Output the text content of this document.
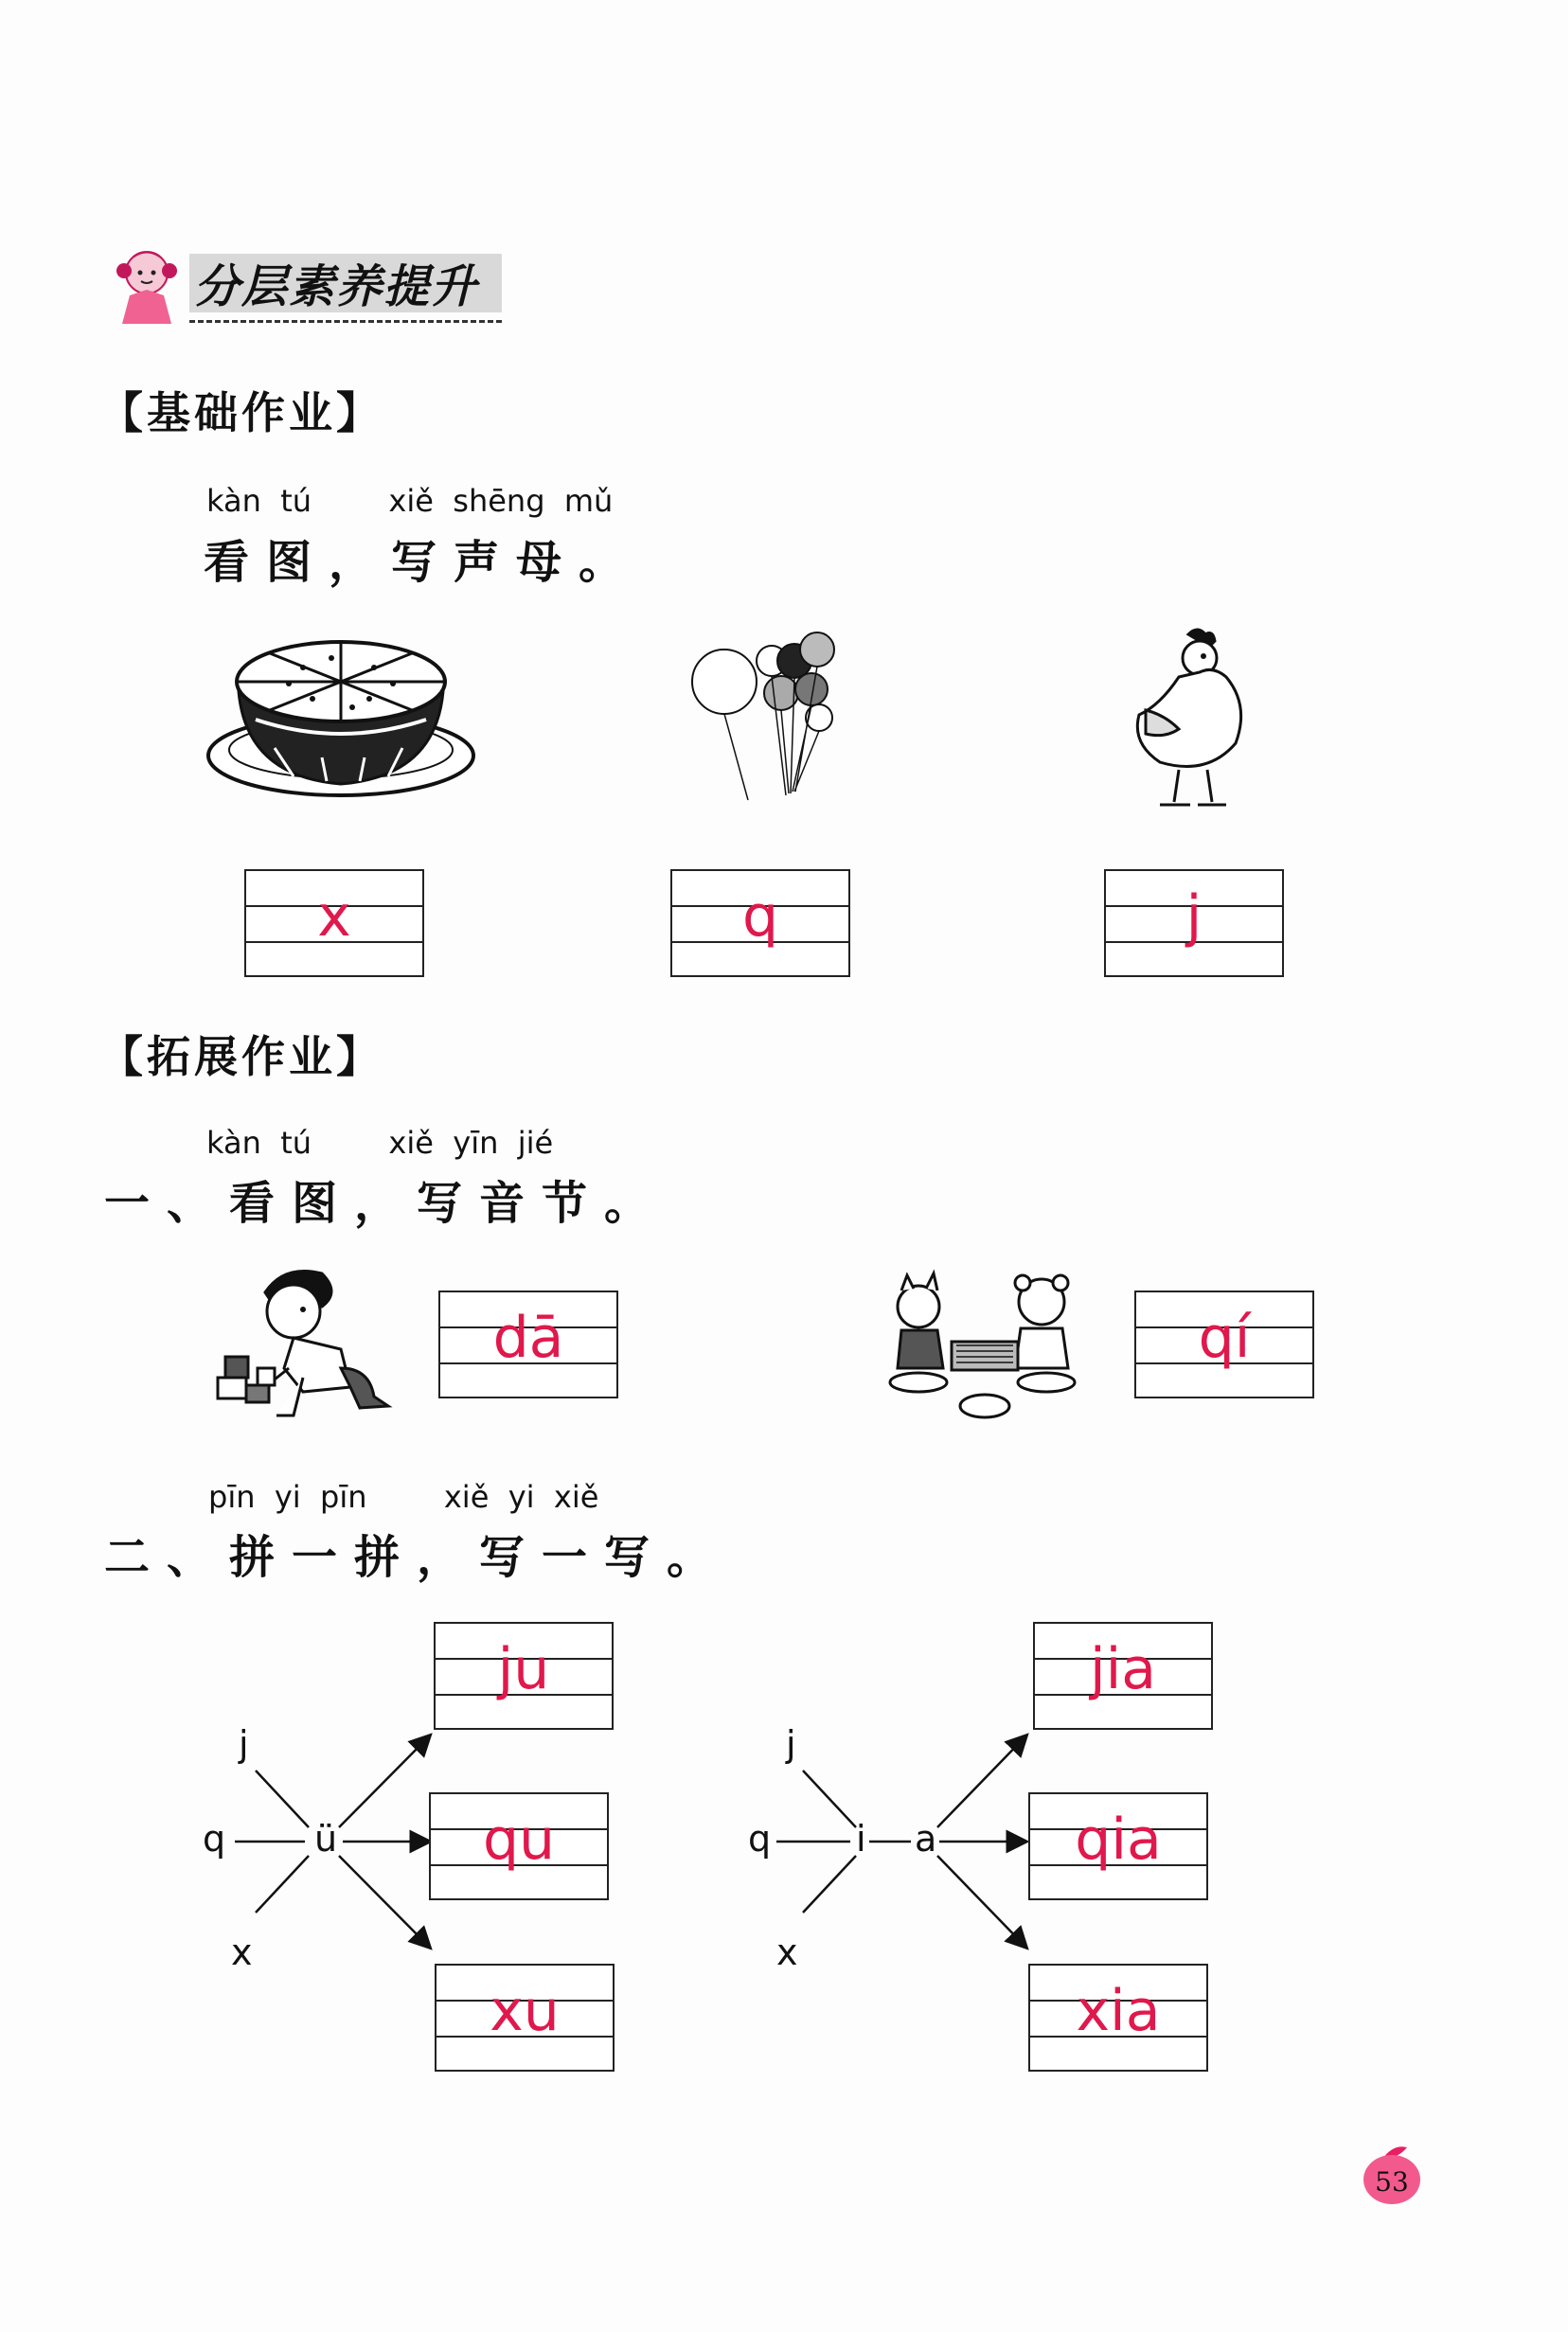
分层素养提升
【基础作业】
kàn  tú        xiě  shēng  mǔ
看图，写声母。
x	q	j
【拓展作业】
kàn  tú        xiě  yīn  jié
一、看图，写音节。
dā	qí
pīn  yi  pīn        xiě  yi  xiě
二、拼一拼，写一写。
j
q
x
ü
ju
qu
xu
j
q
x
i a
jia
qia
xia
53
